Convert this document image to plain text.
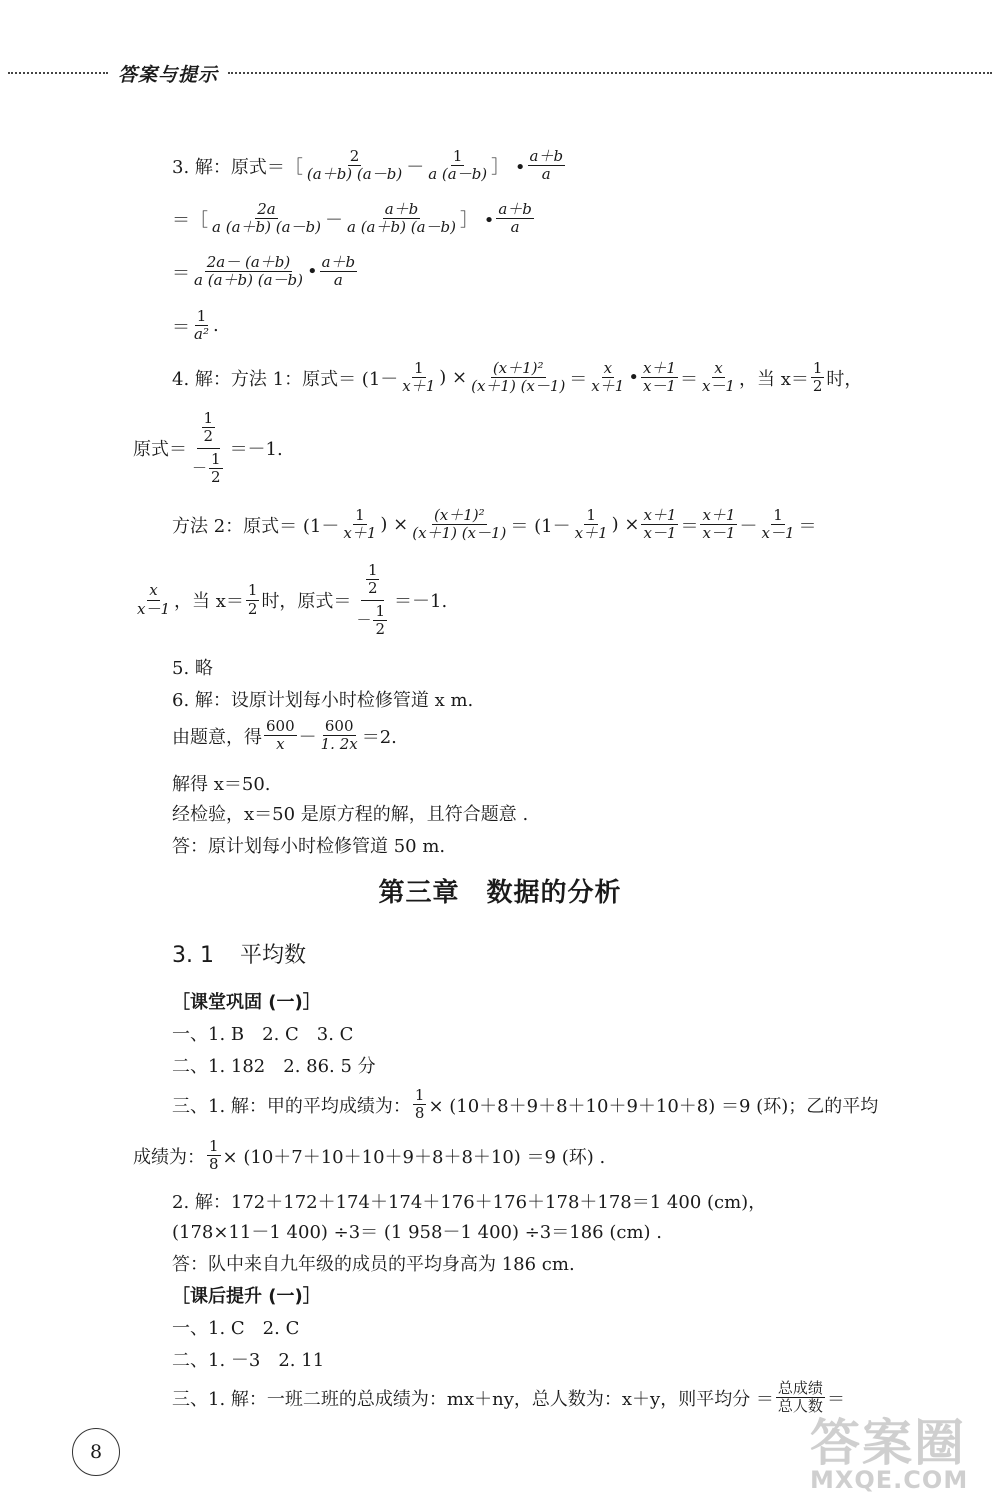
答案与提示
3. 解：原式＝［ $\frac{2}{(a+b) (a-b)} - \frac{1}{a (a-b)}$ ］ • $\frac{a+b}{a}$
＝［ $\frac{2a}{a (a+b) (a-b)} - \frac{a+b}{a (a+b) (a-b)}$ ］ • $\frac{a+b}{a}$
＝ $\frac{2a- (a+b)}{a (a+b) (a-b)}$ • $\frac{a+b}{a}$
＝ $\frac{1}{\text{a²}}$ .
4. 解：方法 1：原式＝ ($1- \frac{1}{x+1}$ ) × $\frac{\text{(x＋1)²}}{(x+1) (x-1)} = \frac{x}{x+1}$ • $\frac{x+1}{x-1} = \frac{x}{x-1}$ ，当 $x= \frac{1}{2}$ 时，
原式＝
$\frac{1}{2}$
－ $\frac{1}{2}$
＝－1.
方法 2：原式＝ ($1- \frac{1}{x+1}$ ) × $\frac{\text{(x＋1)²}}{(x+1) (x-1)} = (1- \frac{1}{x+1}$ ) × $\frac{x+1}{x-1} = \frac{x+1}{x-1} - \frac{1}{x-1}$ ＝
$\frac{x}{x-1}$ ，当 $x= \frac{1}{2}$ 时，原式＝
$\frac{1}{2}$
－ $\frac{1}{2}$
＝－1.
5. 略
6. 解：设原计划每小时检修管道 x m.
由题意，得 $\frac{600}{x} - \frac{600}{1. 2x} =2$.
解得 x＝50.
经检验，x＝50 是原方程的解，且符合题意 .
答：原计划每小时检修管道 50 m.
第三章　数据的分析
3. 1 平均数
［课堂巩固 (一)］
一、1. B　2. C　3. C
二、1. 182　2. 86. 5 分
三、1. 解：甲的平均成绩为： $\frac{1}{8} \times (10+8+9+8+10+9+10+8) =9$ (环)；乙的平均
成绩为： $\frac{1}{8} \times (10+7+10+10+9+8+8+10) =9$ (环) .
2. 解：172＋172＋174＋174＋176＋176＋178＋178＝1 400 (cm)，
(178×11－1 400) ÷3＝ (1 958－1 400) ÷3＝186 (cm) .
答：队中来自九年级的成员的平均身高为 186 cm.
［课后提升 (一)］
一、1. C　2. C
二、1. －3　2. 11
三、1. 解：一班二班的总成绩为：mx＋ny，总人数为：x＋y，则平均分 ＝ $\frac{\text{总成绩}}{\text{总人数}}$ ＝
8	答案圈
MXQE.COM
